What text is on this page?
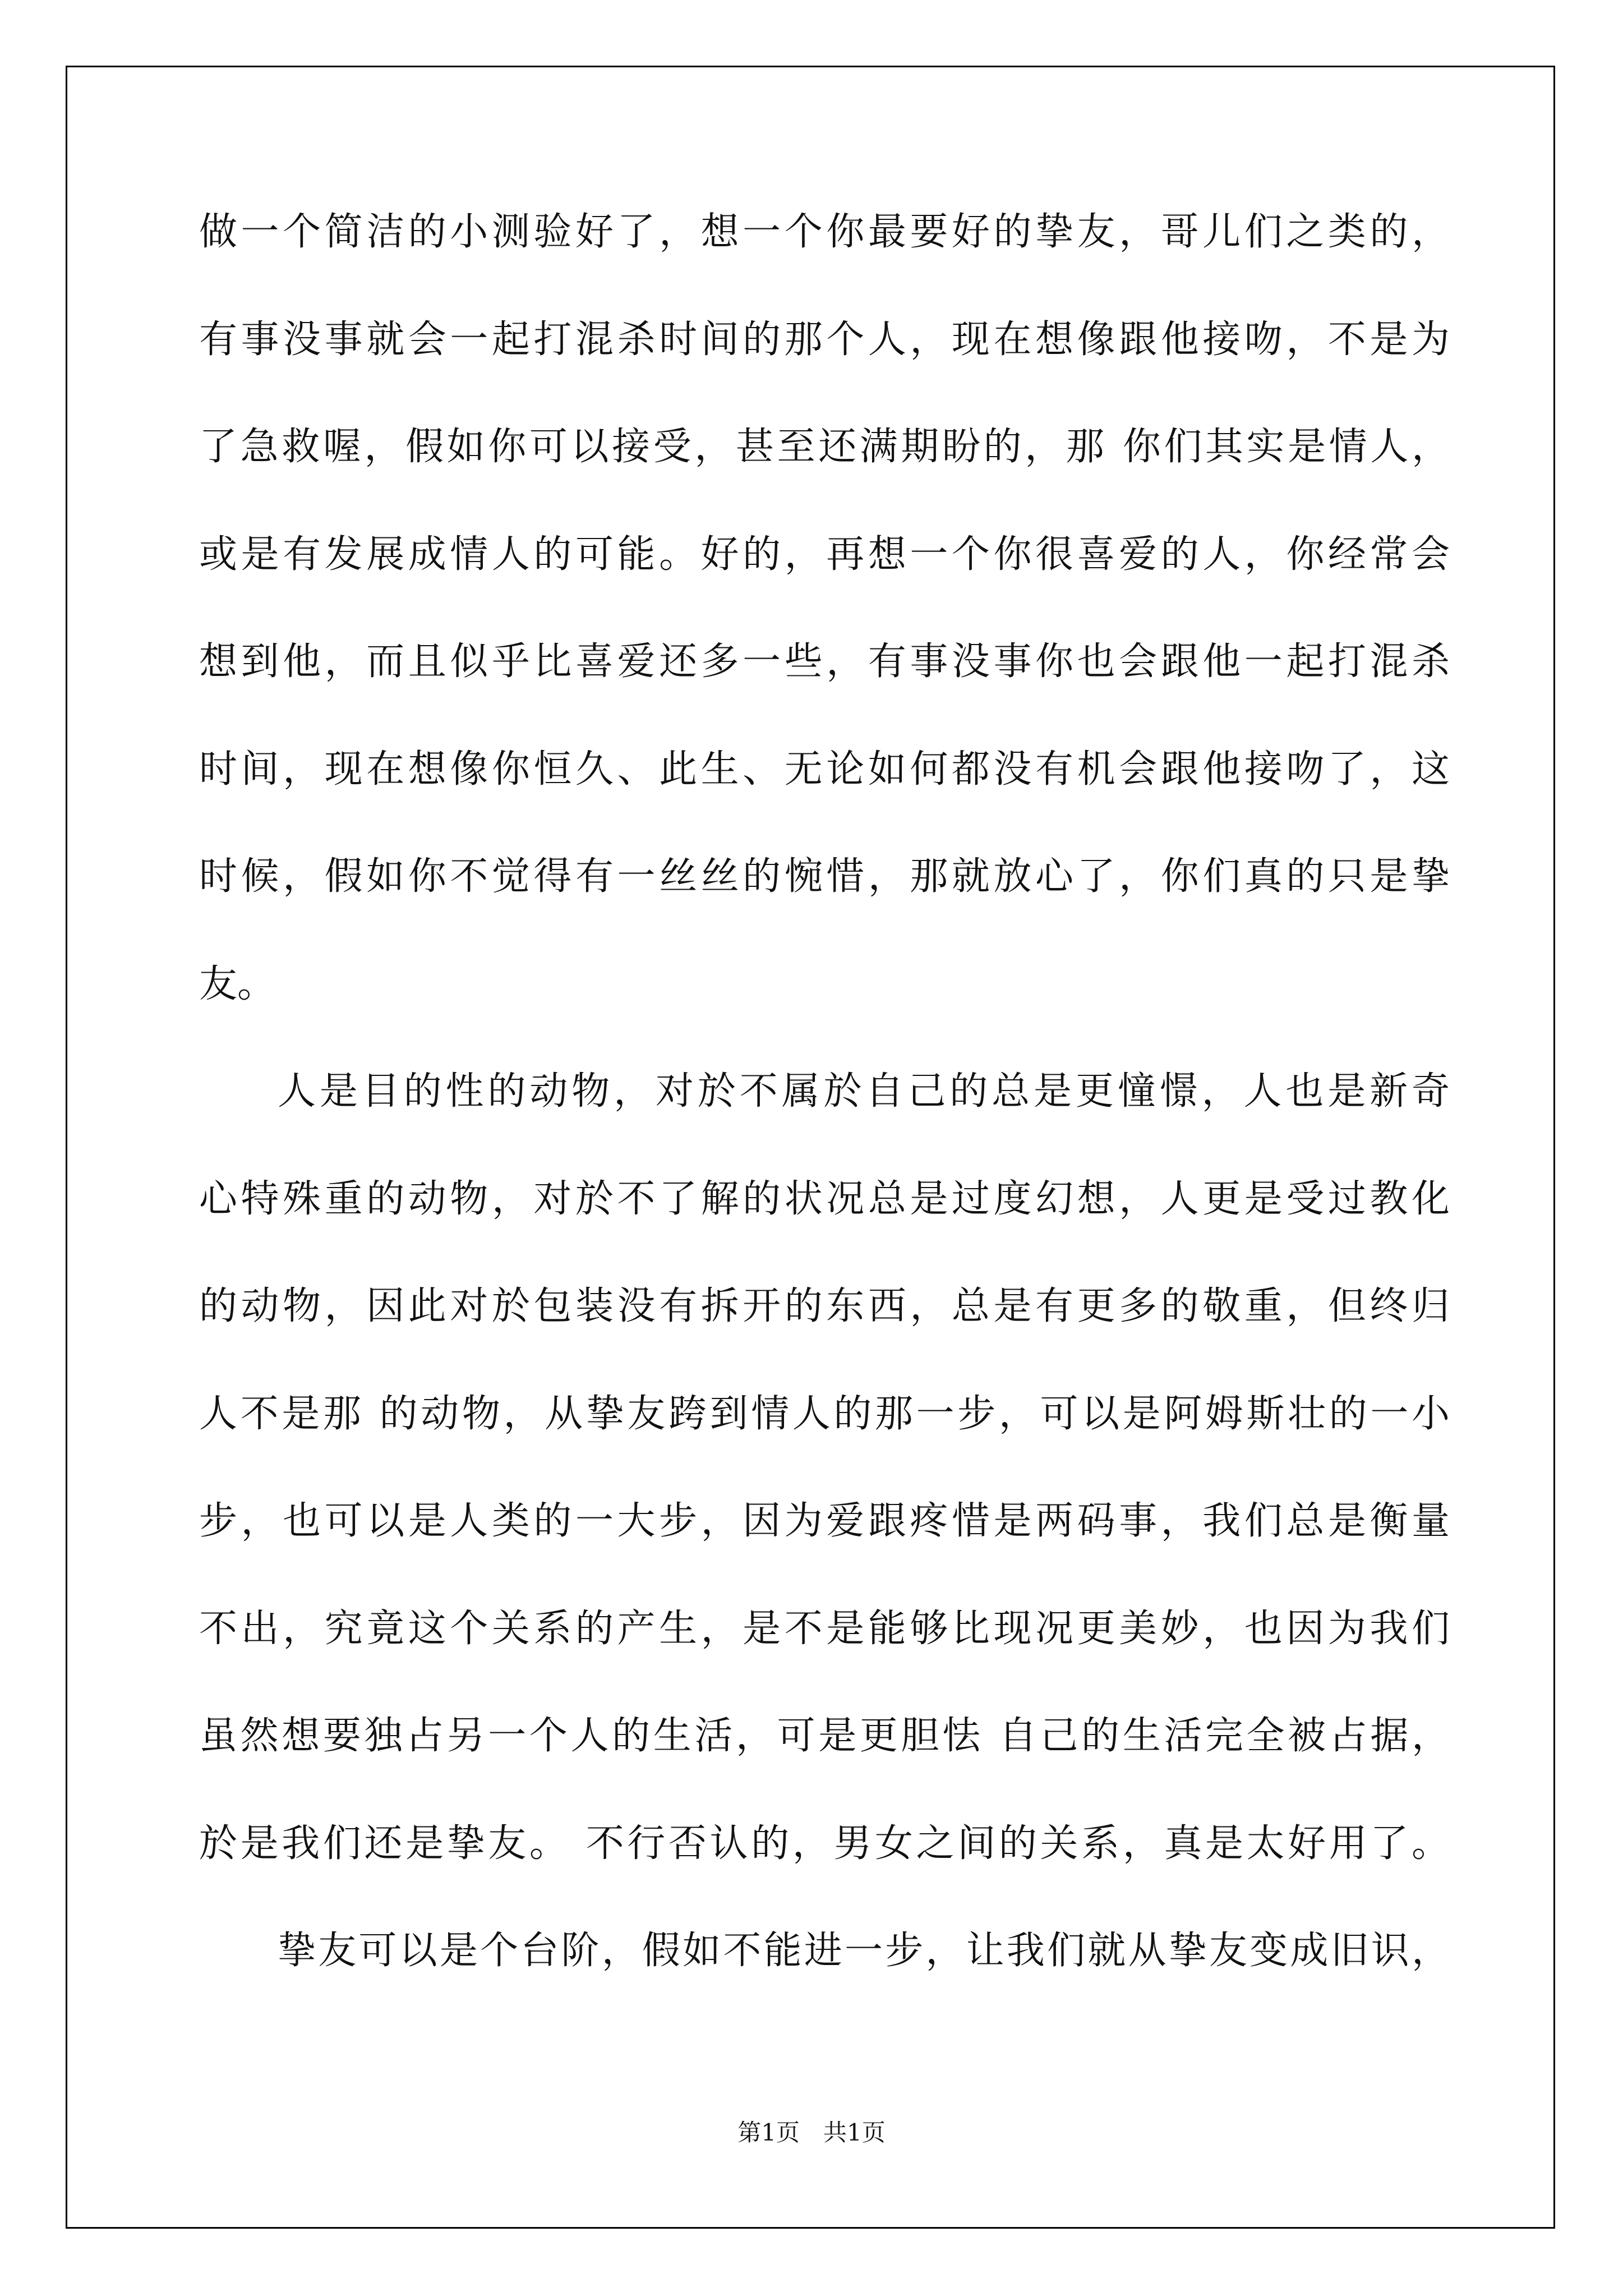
做一个简洁的小测验好了，想一个你最要好的挚友，哥儿们之类的，
有事没事就会一起打混杀时间的那个人，现在想像跟他接吻，不是为
了急救喔，假如你可以接受，甚至还满期盼的，那 你们其实是情人，
或是有发展成情人的可能。好的，再想一个你很喜爱的人，你经常会
想到他，而且似乎比喜爱还多一些，有事没事你也会跟他一起打混杀
时间，现在想像你恒久、此生、无论如何都没有机会跟他接吻了，这
时候，假如你不觉得有一丝丝的惋惜，那就放心了，你们真的只是挚
友。
人是目的性的动物，对於不属於自己的总是更憧憬，人也是新奇
心特殊重的动物，对於不了解的状况总是过度幻想，人更是受过教化
的动物，因此对於包装没有拆开的东西，总是有更多的敬重，但终归
人不是那 的动物，从挚友跨到情人的那一步，可以是阿姆斯壮的一小
步，也可以是人类的一大步，因为爱跟疼惜是两码事，我们总是衡量
不出，究竟这个关系的产生，是不是能够比现况更美妙，也因为我们
虽然想要独占另一个人的生活，可是更胆怯 自己的生活完全被占据，
於是我们还是挚友。 不行否认的，男女之间的关系，真是太好用了。
挚友可以是个台阶，假如不能进一步，让我们就从挚友变成旧识，
第1页　共1页
